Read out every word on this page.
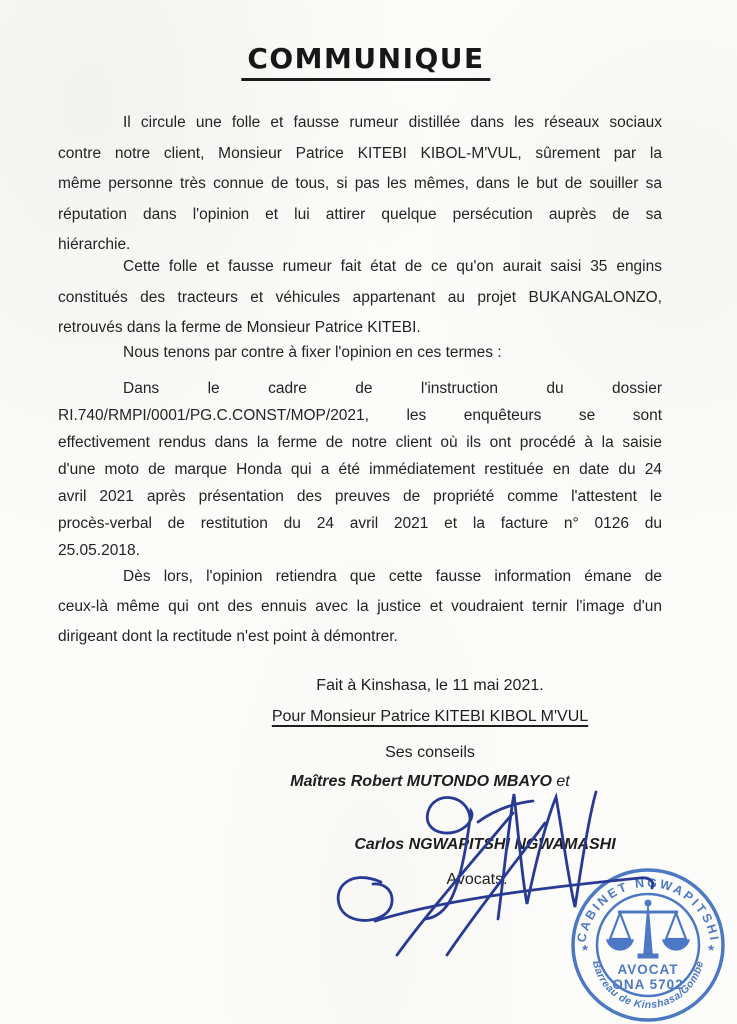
COMMUNIQUE
Il circule une folle et fausse rumeur distillée dans les réseaux sociaux
contre notre client, Monsieur Patrice KITEBI KIBOL-M'VUL, sûrement par la
même personne très connue de tous, si pas les mêmes, dans le but de souiller sa
réputation dans l'opinion et lui attirer quelque persécution auprès de sa
hiérarchie.
Cette folle et fausse rumeur fait état de ce qu'on aurait saisi 35 engins
constitués des tracteurs et véhicules appartenant au projet BUKANGALONZO,
retrouvés dans la ferme de Monsieur Patrice KITEBI.
Nous tenons par contre à fixer l'opinion en ces termes :
Dans le cadre de l'instruction du dossier
RI.740/RMPI/0001/PG.C.CONST/MOP/2021, les enquêteurs se sont
effectivement rendus dans la ferme de notre client où ils ont procédé à la saisie
d'une moto de marque Honda qui a été immédiatement restituée en date du 24
avril 2021 après présentation des preuves de propriété comme l'attestent le
procès-verbal de restitution du 24 avril 2021 et la facture n° 0126 du
25.05.2018.
Dès lors, l'opinion retiendra que cette fausse information émane de
ceux-là même qui ont des ennuis avec la justice et voudraient ternir l'image d'un
dirigeant dont la rectitude n'est point à démontrer.
Fait à Kinshasa, le 11 mai 2021.
Pour Monsieur Patrice KITEBI KIBOL M'VUL
Ses conseils
Maîtres Robert MUTONDO MBAYO et
Carlos NGWAPITSHI NGWAMASHI
Avocats.
CABINET NGWAPITSHI
Barreau de Kinshasa/Gombe
*	*
AVOCAT
ONA 5702
